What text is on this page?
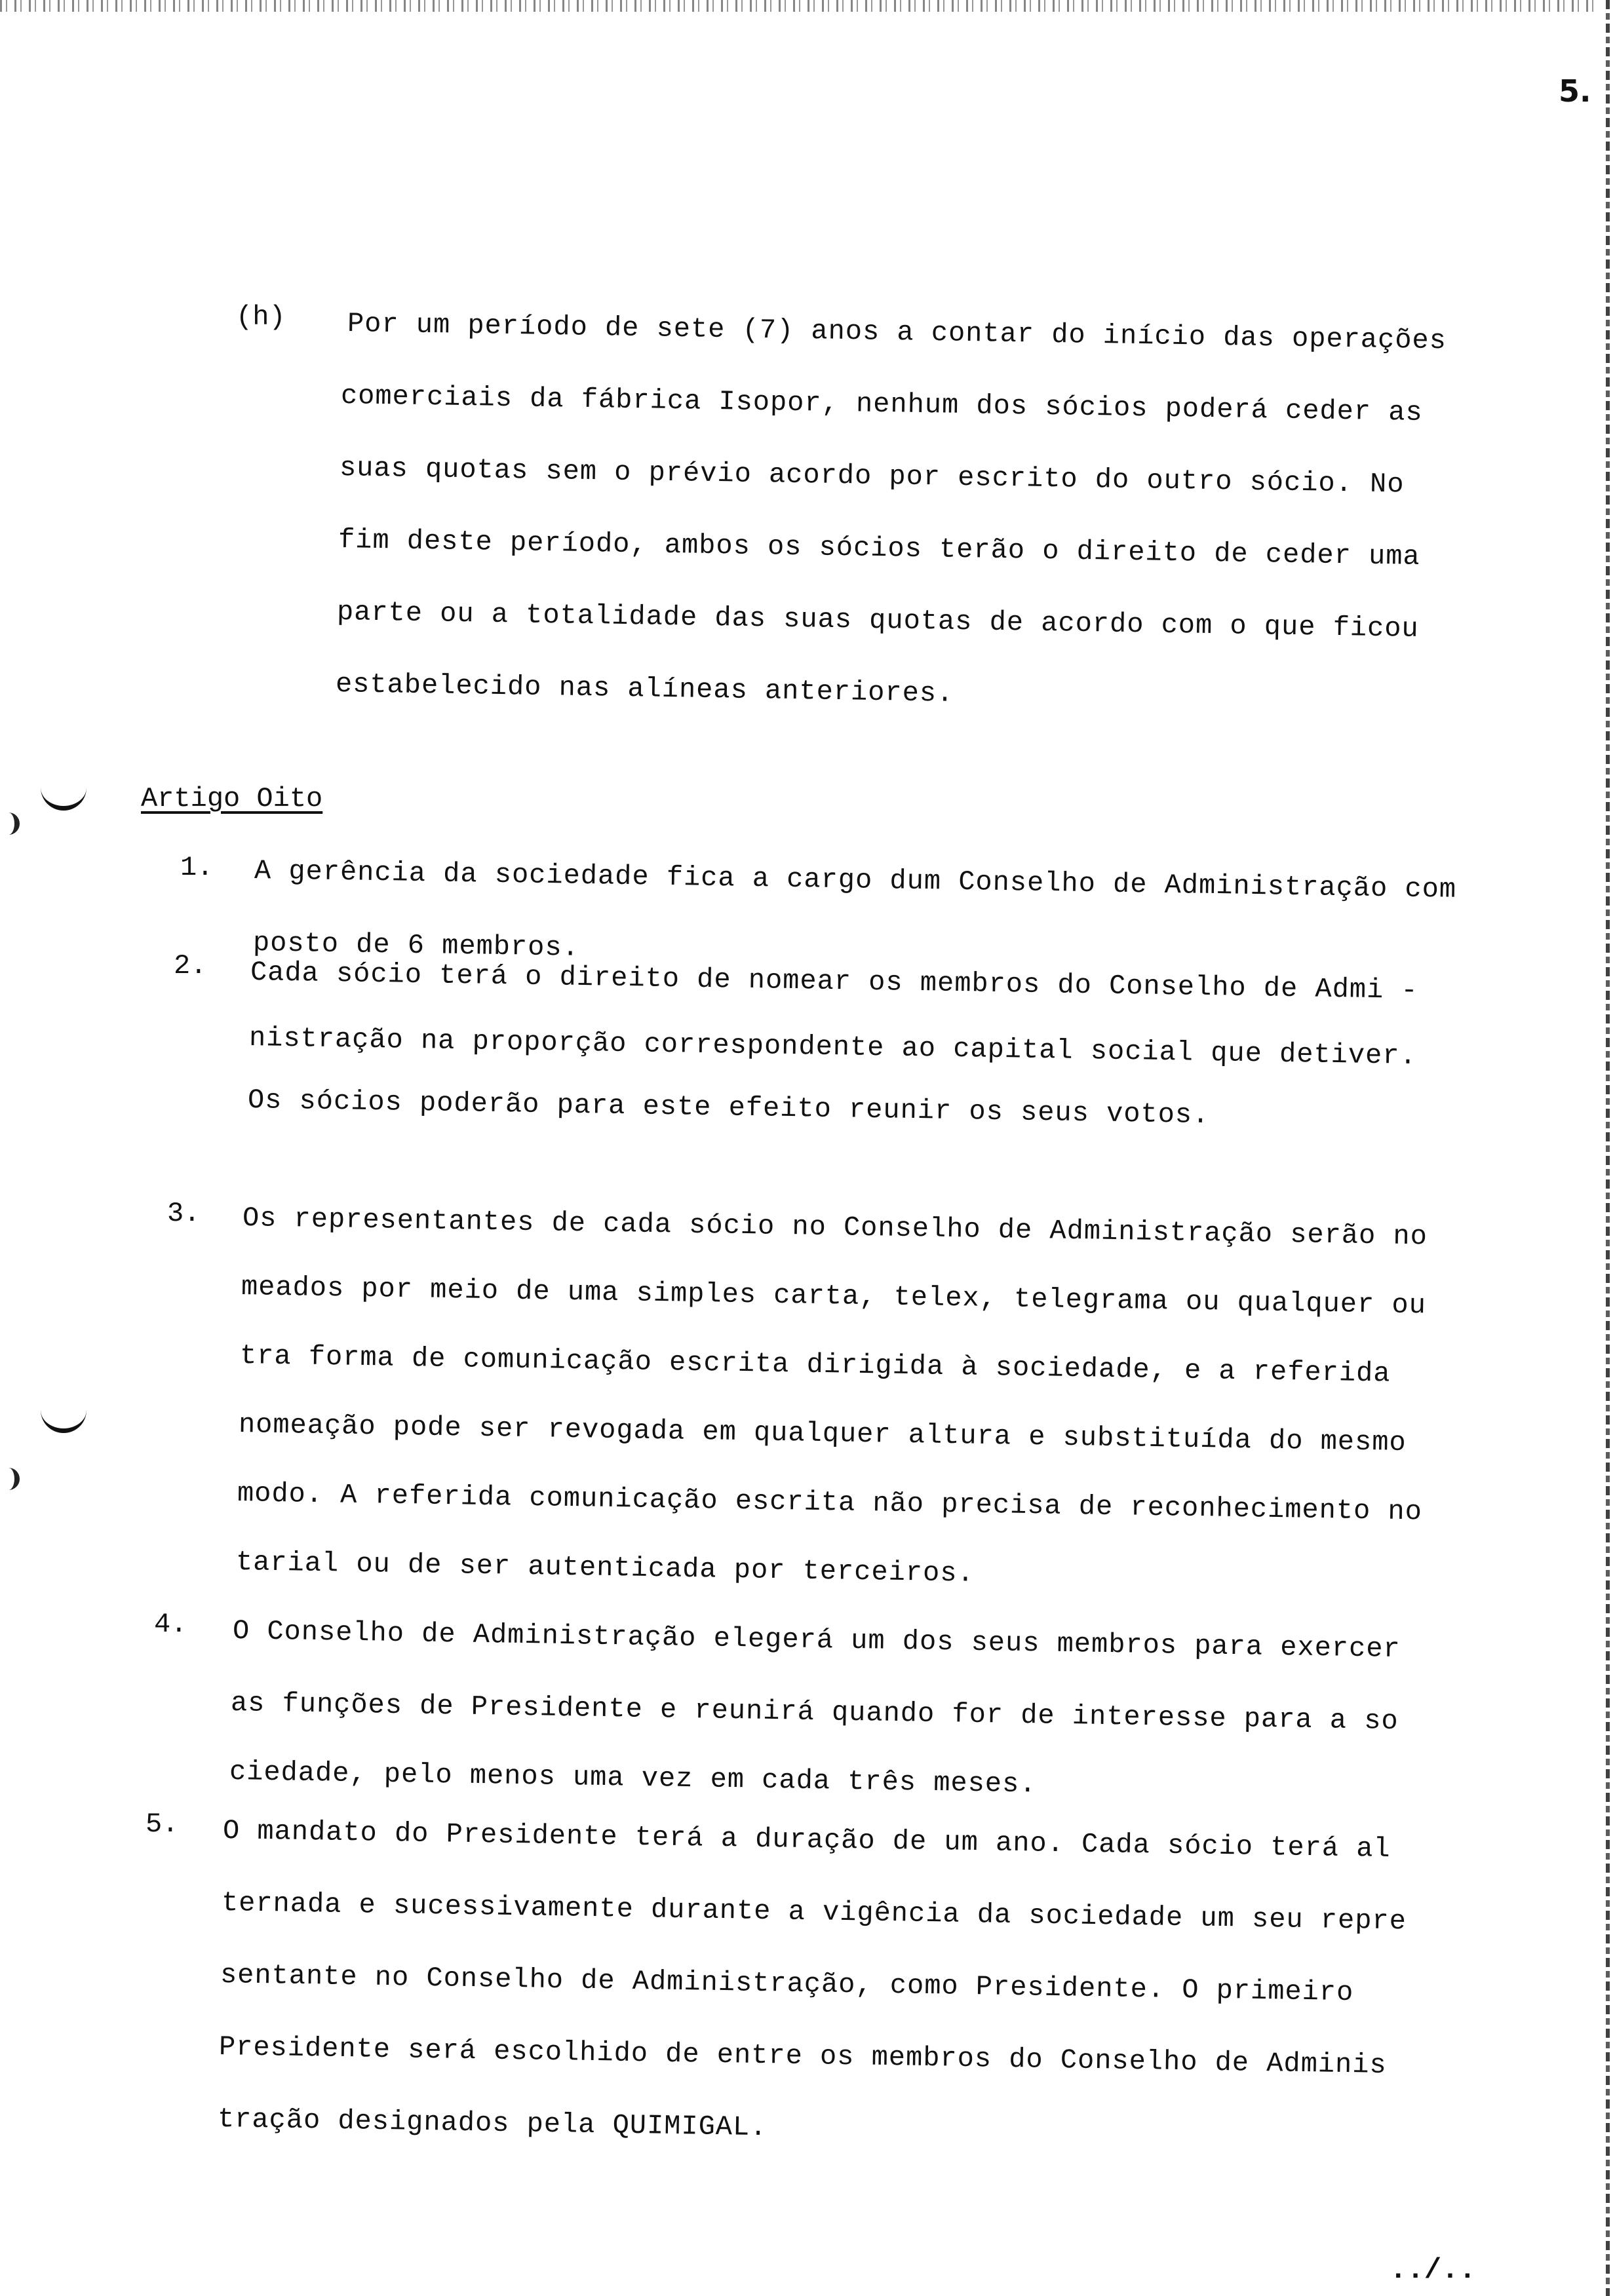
5.
(h) Por um período de sete (7) anos a contar do início das operações
comerciais da fábrica Isopor, nenhum dos sócios poderá ceder as
suas quotas sem o prévio acordo por escrito do outro sócio. No
fim deste período, ambos os sócios terão o direito de ceder uma
parte ou a totalidade das suas quotas de acordo com o que ficou
estabelecido nas alíneas anteriores.
Artigo Oito
1. A gerência da sociedade fica a cargo dum Conselho de Administração com
posto de 6 membros.
2. Cada sócio terá o direito de nomear os membros do Conselho de Admi -
nistração na proporção correspondente ao capital social que detiver.
Os sócios poderão para este efeito reunir os seus votos.
3. Os representantes de cada sócio no Conselho de Administração serão no
meados por meio de uma simples carta, telex, telegrama ou qualquer ou
tra forma de comunicação escrita dirigida à sociedade, e a referida
nomeação pode ser revogada em qualquer altura e substituída do mesmo
modo. A referida comunicação escrita não precisa de reconhecimento no
tarial ou de ser autenticada por terceiros.
4. O Conselho de Administração elegerá um dos seus membros para exercer
as funções de Presidente e reunirá quando for de interesse para a so
ciedade, pelo menos uma vez em cada três meses.
5. O mandato do Presidente terá a duração de um ano. Cada sócio terá al
ternada e sucessivamente durante a vigência da sociedade um seu repre
sentante no Conselho de Administração, como Presidente. O primeiro
Presidente será escolhido de entre os membros do Conselho de Adminis
tração designados pela QUIMIGAL.
../..
